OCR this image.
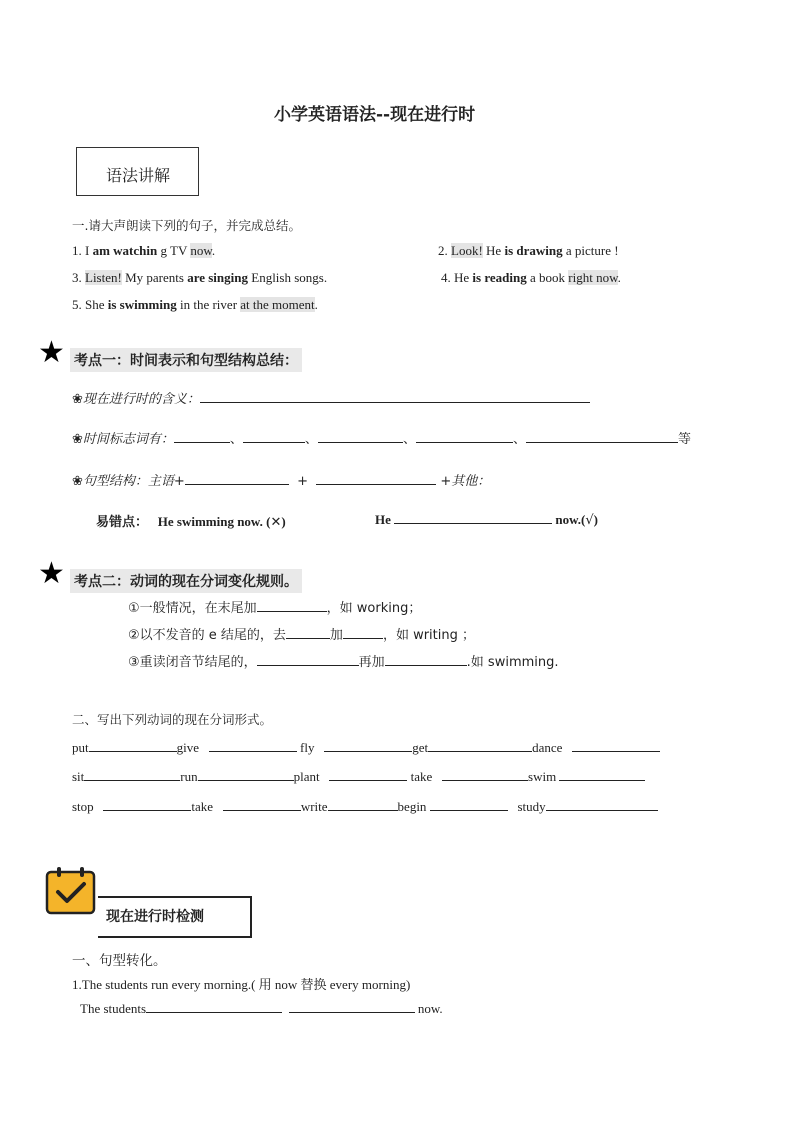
小学英语语法--现在进行时
语法讲解
一.请大声朗读下列的句子，并完成总结。
1. I am watchin g TV now.	2. Look! He is drawing a picture !
3. Listen! My parents are singing English songs.	4. He is reading a book right now.
5. She is swimming in the river at the moment.
★ 考点一：时间表示和句型结构总结：
❀现在进行时的含义：
❀时间标志词有：	、	、	、	、	等
❀句型结构：主语+	+	+其他：
易错点： He swimming now. (✕)	He	now.(√)
★ 考点二：动词的现在分词变化规则。
①一般情况，在末尾加	，如 working；
②以不发音的 e 结尾的，去	加	，如 writing ；
③重读闭音节结尾的，	再加	.如 swimming.
二、写出下列动词的现在分词形式。
put	give	fly	get	dance
sit	run	plant	take	swim
stop	take	write	begin	study
现在进行时检测
一、句型转化。
1.The students run every morning.( 用 now 替换 every morning)
The students	now.
